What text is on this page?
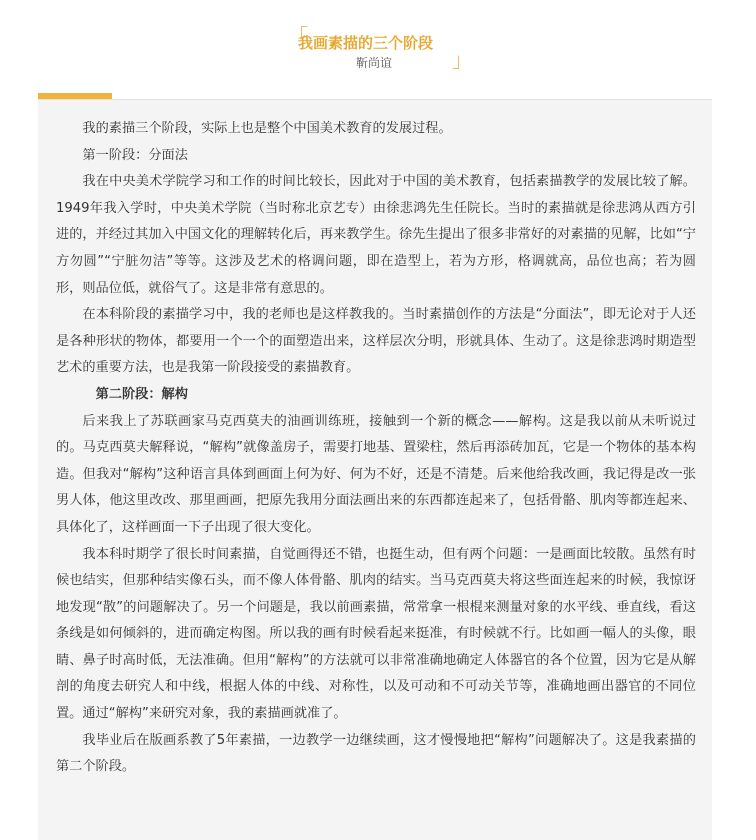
「
我画素描的三个阶段
靳尚谊	」

我的素描三个阶段，实际上也是整个中国美术教育的发展过程。

第一阶段：分面法

我在中央美术学院学习和工作的时间比较长，因此对于中国的美术教育，包括素描教学的发展比较了解。1949年我入学时，中央美术学院（当时称北京艺专）由徐悲鸿先生任院长。当时的素描就是徐悲鸿从西方引进的，并经过其加入中国文化的理解转化后，再来教学生。徐先生提出了很多非常好的对素描的见解，比如“宁方勿圆”“宁脏勿洁”等等。这涉及艺术的格调问题，即在造型上，若为方形，格调就高，品位也高；若为圆形，则品位低，就俗气了。这是非常有意思的。

在本科阶段的素描学习中，我的老师也是这样教我的。当时素描创作的方法是“分面法”，即无论对于人还是各种形状的物体，都要用一个一个的面塑造出来，这样层次分明，形就具体、生动了。这是徐悲鸿时期造型艺术的重要方法，也是我第一阶段接受的素描教育。

第二阶段：解构

后来我上了苏联画家马克西莫夫的油画训练班，接触到一个新的概念——解构。这是我以前从未听说过的。马克西莫夫解释说，“解构”就像盖房子，需要打地基、置梁柱，然后再添砖加瓦，它是一个物体的基本构造。但我对“解构”这种语言具体到画面上何为好、何为不好，还是不清楚。后来他给我改画，我记得是改一张男人体，他这里改改、那里画画，把原先我用分面法画出来的东西都连起来了，包括骨骼、肌肉等都连起来、具体化了，这样画面一下子出现了很大变化。

我本科时期学了很长时间素描，自觉画得还不错，也挺生动，但有两个问题：一是画面比较散。虽然有时候也结实，但那种结实像石头，而不像人体骨骼、肌肉的结实。当马克西莫夫将这些面连起来的时候，我惊讶地发现“散”的问题解决了。另一个问题是，我以前画素描，常常拿一根棍来测量对象的水平线、垂直线，看这条线是如何倾斜的，进而确定构图。所以我的画有时候看起来挺准，有时候就不行。比如画一幅人的头像，眼睛、鼻子时高时低，无法准确。但用“解构”的方法就可以非常准确地确定人体器官的各个位置，因为它是从解剖的角度去研究人和中线，根据人体的中线、对称性，以及可动和不可动关节等，准确地画出器官的不同位置。通过“解构”来研究对象，我的素描画就准了。

我毕业后在版画系教了5年素描，一边教学一边继续画，这才慢慢地把“解构”问题解决了。这是我素描的第二个阶段。
